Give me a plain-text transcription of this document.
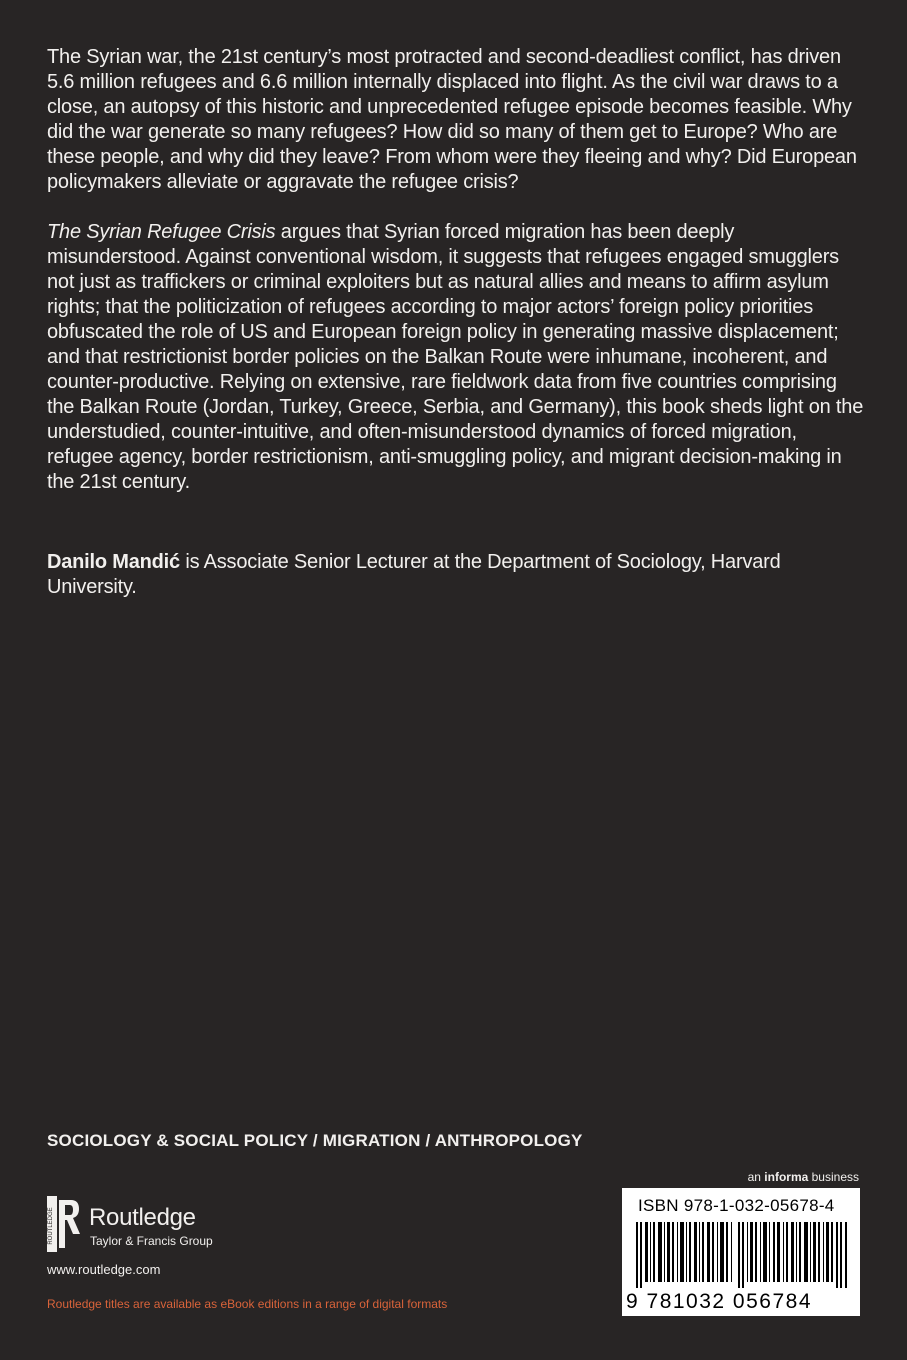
The Syrian war, the 21st century’s most protracted and second-deadliest conflict, has driven 5.6 million refugees and 6.6 million internally displaced into flight. As the civil war draws to a close, an autopsy of this historic and unprecedented refugee episode becomes feasible. Why did the war generate so many refugees? How did so many of them get to Europe? Who are these people, and why did they leave? From whom were they fleeing and why? Did European policymakers alleviate or aggravate the refugee crisis?

The Syrian Refugee Crisis argues that Syrian forced migration has been deeply misunderstood. Against conventional wisdom, it suggests that refugees engaged smugglers not just as traffickers or criminal exploiters but as natural allies and means to affirm asylum rights; that the politicization of refugees according to major actors’ foreign policy priorities obfuscated the role of US and European foreign policy in generating massive displacement; and that restrictionist border policies on the Balkan Route were inhumane, incoherent, and counter-productive. Relying on extensive, rare fieldwork data from five countries comprising the Balkan Route (Jordan, Turkey, Greece, Serbia, and Germany), this book sheds light on the understudied, counter-intuitive, and often-misunderstood dynamics of forced migration, refugee agency, border restrictionism, anti-smuggling policy, and migrant decision-making in the 21st century.

Danilo Mandić is Associate Senior Lecturer at the Department of Sociology, Harvard University.
SOCIOLOGY & SOCIAL POLICY / MIGRATION / ANTHROPOLOGY
an informa business
ISBN 978-1-032-05678-4
9 781032 056784
ROUTLEDGE Routledge
Taylor & Francis Group
www.routledge.com
Routledge titles are available as eBook editions in a range of digital formats
